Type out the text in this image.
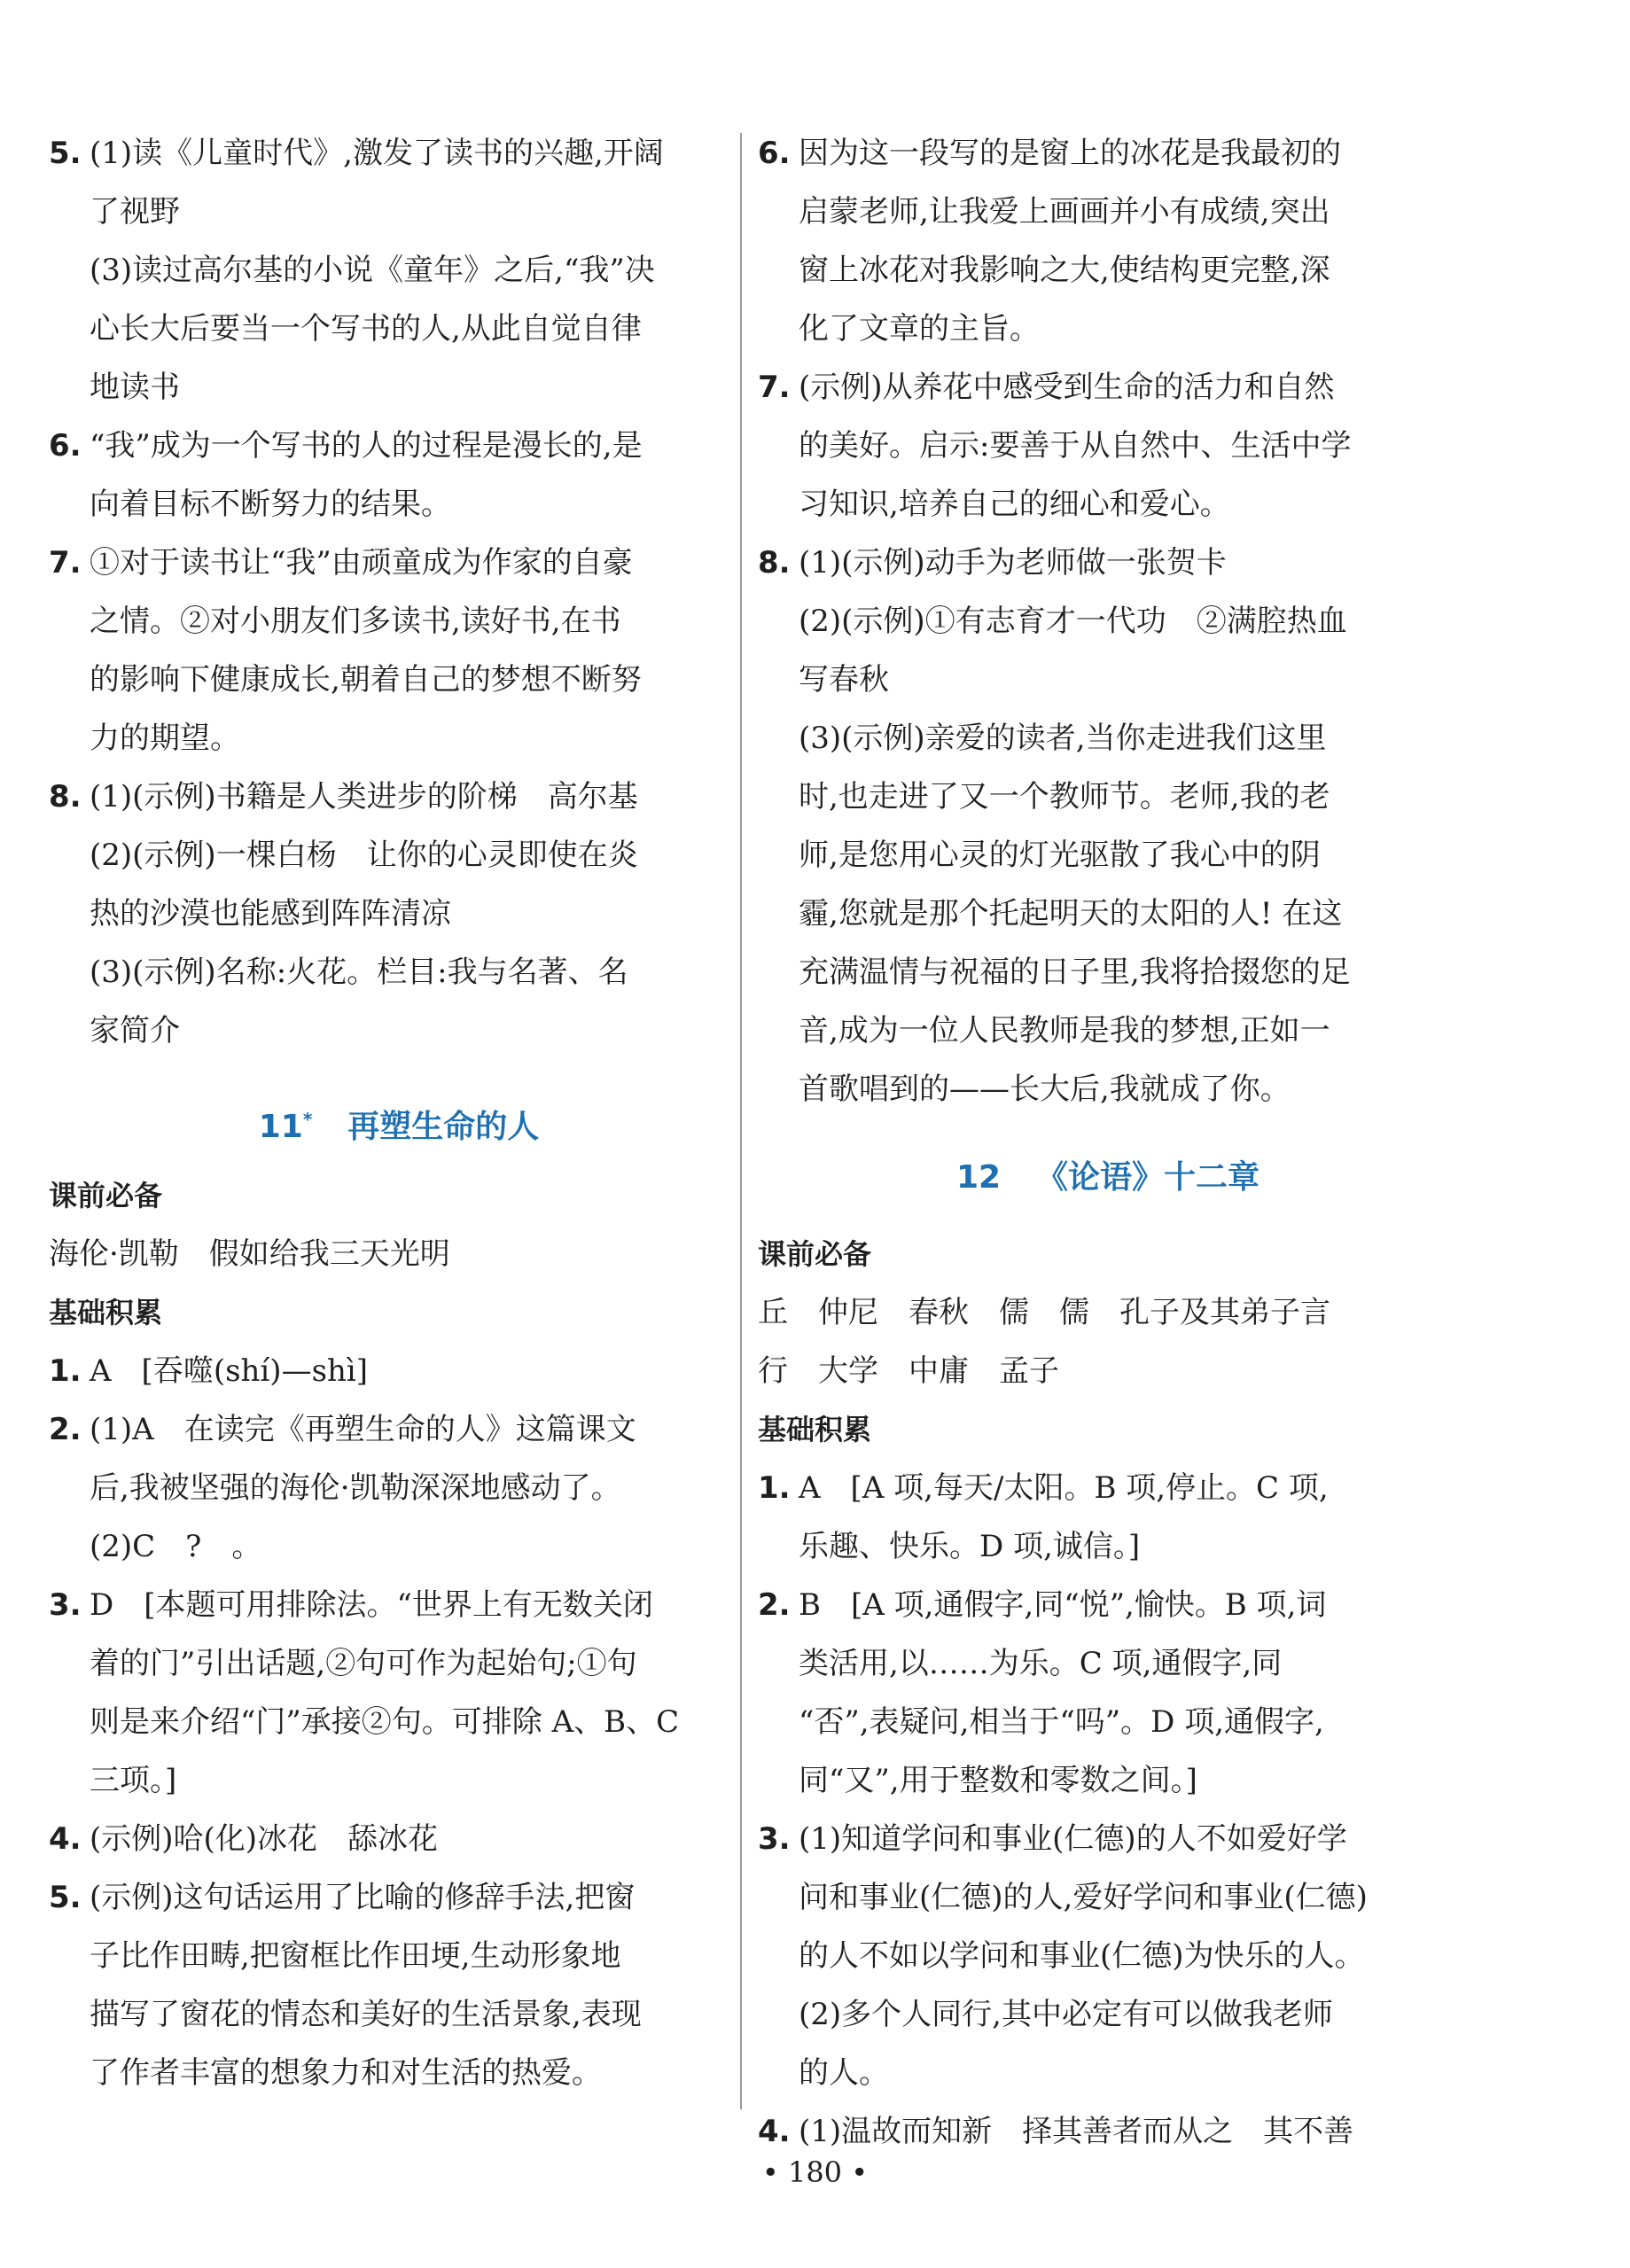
5. (1)读《儿童时代》,激发了读书的兴趣,开阔

了视野

(3)读过高尔基的小说《童年》之后,“我”决

心长大后要当一个写书的人,从此自觉自律

地读书

6. “我”成为一个写书的人的过程是漫长的,是

向着目标不断努力的结果。

7. ①对于读书让“我”由顽童成为作家的自豪

之情。②对小朋友们多读书,读好书,在书

的影响下健康成长,朝着自己的梦想不断努

力的期望。

8. (1)(示例)书籍是人类进步的阶梯　高尔基

(2)(示例)一棵白杨　让你的心灵即使在炎

热的沙漠也能感到阵阵清凉

(3)(示例)名称:火花。栏目:我与名著、名

家简介

11* 再塑生命的人

课前必备

海伦·凯勒　假如给我三天光明

基础积累

1. A　[吞噬(shí)—shì]

2. (1)A　在读完《再塑生命的人》这篇课文

后,我被坚强的海伦·凯勒深深地感动了。

(2)C　?　。

3. D　[本题可用排除法。“世界上有无数关闭

着的门”引出话题,②句可作为起始句;①句

则是来介绍“门”承接②句。可排除 A、B、C

三项。]

4. (示例)哈(化)冰花　舔冰花

5. (示例)这句话运用了比喻的修辞手法,把窗

子比作田畴,把窗框比作田埂,生动形象地

描写了窗花的情态和美好的生活景象,表现

了作者丰富的想象力和对生活的热爱。

6. 因为这一段写的是窗上的冰花是我最初的

启蒙老师,让我爱上画画并小有成绩,突出

窗上冰花对我影响之大,使结构更完整,深

化了文章的主旨。

7. (示例)从养花中感受到生命的活力和自然

的美好。启示:要善于从自然中、生活中学

习知识,培养自己的细心和爱心。

8. (1)(示例)动手为老师做一张贺卡

(2)(示例)①有志育才一代功　②满腔热血

写春秋

(3)(示例)亲爱的读者,当你走进我们这里

时,也走进了又一个教师节。老师,我的老

师,是您用心灵的灯光驱散了我心中的阴

霾,您就是那个托起明天的太阳的人! 在这

充满温情与祝福的日子里,我将拾掇您的足

音,成为一位人民教师是我的梦想,正如一

首歌唱到的——长大后,我就成了你。

12 《论语》十二章

课前必备

丘　仲尼　春秋　儒　儒　孔子及其弟子言

行　大学　中庸　孟子

基础积累

1. A　[A 项,每天/太阳。B 项,停止。C 项,

乐趣、快乐。D 项,诚信。]

2. B　[A 项,通假字,同“悦”,愉快。B 项,词

类活用,以……为乐。C 项,通假字,同

“否”,表疑问,相当于“吗”。D 项,通假字,

同“又”,用于整数和零数之间。]

3. (1)知道学问和事业(仁德)的人不如爱好学

问和事业(仁德)的人,爱好学问和事业(仁德)

的人不如以学问和事业(仁德)为快乐的人。

(2)多个人同行,其中必定有可以做我老师

的人。

4. (1)温故而知新　择其善者而从之　其不善

• 180 •
